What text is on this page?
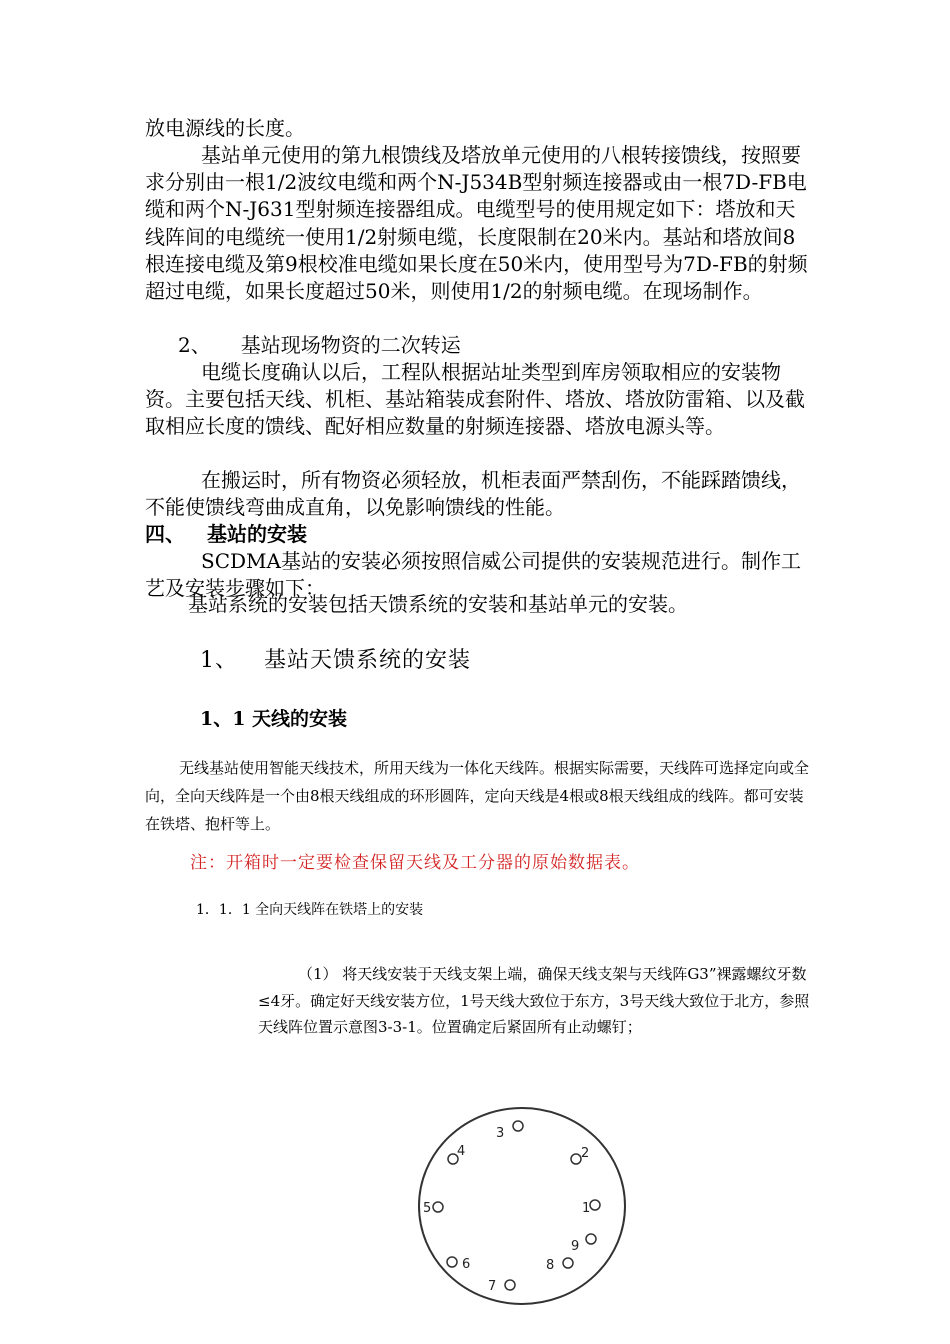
放电源线的长度。

基站单元使用的第九根馈线及塔放单元使用的八根转接馈线，按照要求分别由一根1/2波纹电缆和两个N-J534B型射频连接器或由一根7D-FB电缆和两个N-J631型射频连接器组成。电缆型号的使用规定如下：塔放和天线阵间的电缆统一使用1/2射频电缆，长度限制在20米内。基站和塔放间8根连接电缆及第9根校准电缆如果长度在50米内，使用型号为7D-FB的射频超过电缆，如果长度超过50米，则使用1/2的射频电缆。在现场制作。

2、 基站现场物资的二次转运

电缆长度确认以后，工程队根据站址类型到库房领取相应的安装物资。主要包括天线、机柜、基站箱装成套附件、塔放、塔放防雷箱、以及截取相应长度的馈线、配好相应数量的射频连接器、塔放电源头等。

在搬运时，所有物资必须轻放，机柜表面严禁刮伤，不能踩踏馈线，不能使馈线弯曲成直角，以免影响馈线的性能。

四、 基站的安装

SCDMA基站的安装必须按照信威公司提供的安装规范进行。制作工艺及安装步骤如下：

基站系统的安装包括天馈系统的安装和基站单元的安装。

1、 基站天馈系统的安装

1、1 天线的安装

无线基站使用智能天线技术，所用天线为一体化天线阵。根据实际需要，天线阵可选择定向或全向，全向天线阵是一个由8根天线组成的环形圆阵，定向天线是4根或8根天线组成的线阵。都可安装在铁塔、抱杆等上。

注：开箱时一定要检查保留天线及工分器的原始数据表。

1．1．1 全向天线阵在铁塔上的安装

（1） 将天线安装于天线支架上端，确保天线支架与天线阵G3”裸露螺纹牙数≤4牙。确定好天线安装方位，1号天线大致位于东方，3号天线大致位于北方，参照天线阵位置示意图3-3-1。位置确定后紧固所有止动螺钉；

3
4	2
5	1
9
6	8
7
